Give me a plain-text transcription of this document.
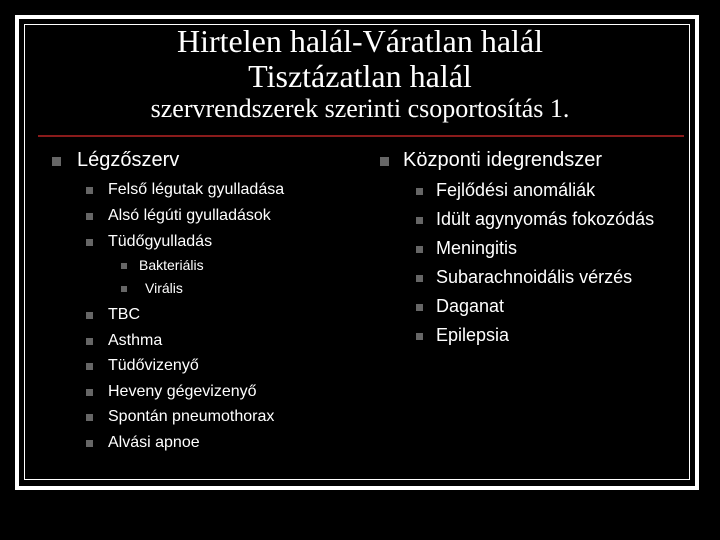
Hirtelen halál-Váratlan halál
Tisztázatlan halál
szervrendszerek szerinti csoportosítás 1.
Légzőszerv
Felső légutak gyulladása
Alsó légúti gyulladások
Tüdőgyulladás
Bakteriális
Virális
TBC
Asthma
Tüdővizenyő
Heveny gégevizenyő
Spontán pneumothorax
Alvási apnoe
Központi idegrendszer
Fejlődési anomáliák
Idült agynyomás fokozódás
Meningitis
Subarachnoidális vérzés
Daganat
Epilepsia
